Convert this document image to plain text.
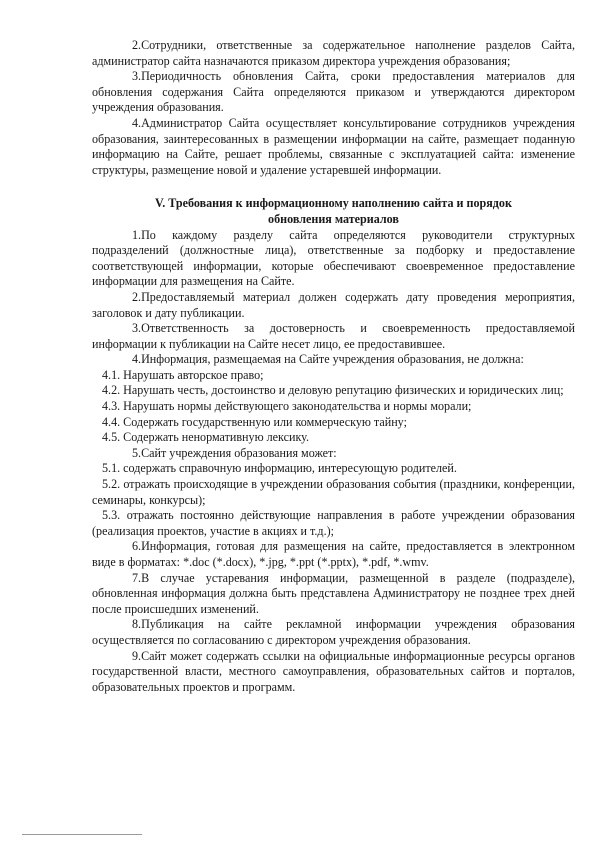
2.Сотрудники, ответственные за содержательное наполнение разделов Сайта, администратор сайта назначаются приказом директора учреждения образования;

3.Периодичность обновления Сайта, сроки предоставления материалов для обновления содержания Сайта определяются приказом и утверждаются директором учреждения образования.

4.Администратор Сайта осуществляет консультирование сотрудников учреждения образования, заинтересованных в размещении информации на сайте, размещает поданную информацию на Сайте, решает проблемы, связанные с эксплуатацией сайта: изменение структуры, размещение новой и удаление устаревшей информации.

V. Требования к информационному наполнению сайта и порядок

обновления материалов

1.По каждому разделу сайта определяются руководители структурных подразделений (должностные лица), ответственные за подборку и предоставление соответствующей информации, которые обеспечивают своевременное предоставление информации для размещения на Сайте.

2.Предоставляемый материал должен содержать дату проведения мероприятия, заголовок и дату публикации.

3.Ответственность за достоверность и своевременность предоставляемой информации к публикации на Сайте несет лицо, ее предоставившее.

4.Информация, размещаемая на Сайте учреждения образования, не должна:

4.1. Нарушать авторское право;

4.2. Нарушать честь, достоинство и деловую репутацию физических и юридических лиц;

4.3. Нарушать нормы действующего законодательства и нормы морали;

4.4. Содержать государственную или коммерческую тайну;

4.5. Содержать ненормативную лексику.

5.Сайт учреждения образования может:

5.1. содержать справочную информацию, интересующую родителей.

5.2. отражать происходящие в учреждении образования события (праздники, конференции, семинары, конкурсы);

5.3. отражать постоянно действующие направления в работе учреждении образования (реализация проектов, участие в акциях и т.д.);

6.Информация, готовая для размещения на сайте, предоставляется в электронном виде в форматах: *.doc (*.docx), *.jpg, *.ppt (*.pptx), *.pdf, *.wmv.

7.В случае устаревания информации, размещенной в разделе (подразделе), обновленная информация должна быть представлена Администратору не позднее трех дней после происшедших изменений.

8.Публикация на сайте рекламной информации учреждения образования осуществляется по согласованию с директором учреждения образования.

9.Сайт может содержать ссылки на официальные информационные ресурсы органов государственной власти, местного самоуправления, образовательных сайтов и порталов, образовательных проектов и программ.
